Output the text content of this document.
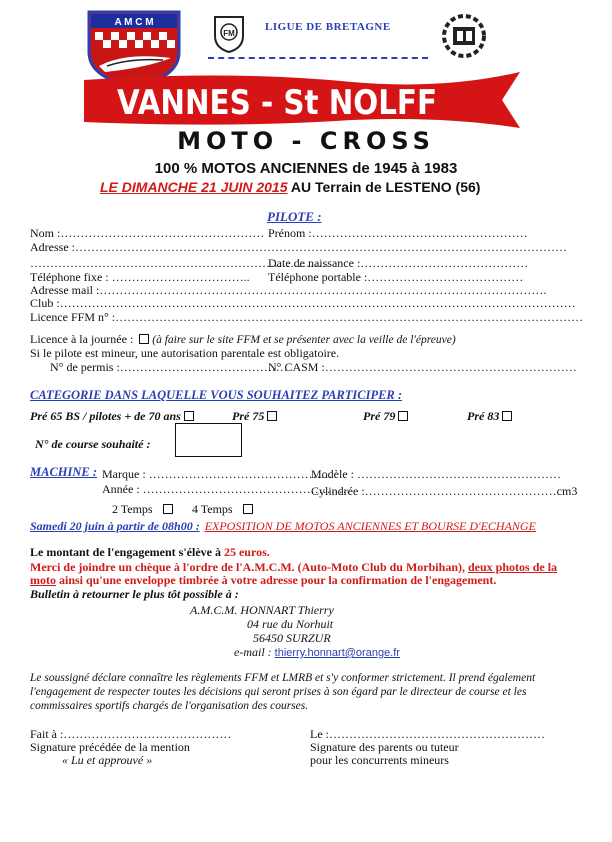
A M C M
FM
LIGUE DE BRETAGNE
VANNES - St NOLFF
MOTO - CROSS
100 % MOTOS ANCIENNES de 1945 à 1983
LE DIMANCHE 21 JUIN 2015 AU Terrain de LESTENO (56)
PILOTE :
Nom :…………………………………………… Prénom :………………………………………………
Adresse :……………………………………………………………………………………………………………
…………………………………………………………………
Date de naissance :……………………………………
Téléphone fixe : …………………………….. Téléphone portable :…………………………………
Adresse mail :………………………………………………………………………………………………….
Club :…………………………………………………………………………………………………………………
Licence FFM n° :………………………………………………………………………………………………………
Licence à la journée : (à faire sur le site FFM et se présenter avec la veille de l'épreuve)
Si le pilote est mineur, une autorisation parentale est obligatoire.
N° de permis :……………………………………
N° CASM :………………………………………………………
CATEGORIE DANS LAQUELLE VOUS SOUHAITEZ PARTICIPER :
Pré 65 BS / pilotes + de 70 ans	Pré 75	Pré 79	Pré 83
N° de course souhaité :
MACHINE : Marque : ……………………………………….
Modèle : ……………………………………………
Année : …………………………………………….
Cylindrée :…………………………………………cm3
2 Temps	4 Temps
Samedi 20 juin à partir de 08h00 : EXPOSITION DE MOTOS ANCIENNES ET BOURSE D'ECHANGE
Le montant de l'engagement s'élève à 25 euros.
Merci de joindre un chèque à l'ordre de l'A.M.C.M. (Auto-Moto Club du Morbihan), deux photos de la
moto ainsi qu'une enveloppe timbrée à votre adresse pour la confirmation de l'engagement.
Bulletin à retourner le plus tôt possible à :
A.M.C.M. HONNART Thierry
04 rue du Norhuit
56450 SURZUR
e-mail : thierry.honnart@orange.fr
Le soussigné déclare connaître les règlements FFM et LMRB et s'y conformer strictement. Il prend également
l'engagement de respecter toutes les décisions qui seront prises à son égard par le directeur de course et les
commissaires sportifs chargés de l'organisation des courses.
Fait à :……………………………………	Le :………………………………………………
Signature précédée de la mention	Signature des parents ou tuteur
« Lu et approuvé »	pour les concurrents mineurs
